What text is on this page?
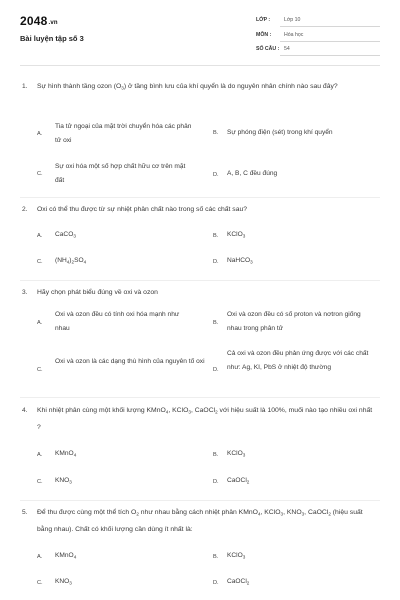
2048.vn
Bài luyện tập số 3
LỚP :	Lớp 10
MÔN : Hóa học
SỐ CÂU : 54
1. Sự hình thành tầng ozon $(O_3)$ ở tầng bình lưu của khí quyển là do nguyên nhân chính nào sau đây?
A.
Tia tử ngoại của mặt trời chuyển hóa các phân tử oxi
B. Sự phóng điện (sét) trong khí quyển
C.
Sự oxi hóa một số hợp chất hữu cơ trên mặt đất
D. A, B, C đều đúng
2. Oxi có thể thu được từ sự nhiệt phân chất nào trong số các chất sau?
A. CaCO$_3$	B. KClO$_3$
C. $(NH_4)_2SO_4$	D. NaHCO$_3$
3. Hãy chọn phát biểu đúng về oxi và ozon
A.
Oxi và ozon đều có tính oxi hóa mạnh như nhau
B.
Oxi và ozon đều có số proton và nơtron giống nhau trong phân tử
C.
Oxi và ozon là các dạng thù hình của nguyên tố oxi
D.
Cả oxi và ozon đều phản ứng được với các chất như: Ag, KI, PbS ở nhiệt độ thường
4. Khi nhiệt phân cùng một khối lượng KMnO$_4$, KClO$_3$, CaOCl$_2$ với hiệu suất là 100%, muối nào tạo nhiều oxi nhất ?
A. KMnO$_4$	B. KClO$_3$
C. $KNO_3$	D. CaOCl$_2$
5. Để thu được cùng một thể tích $O_2$ như nhau bằng cách nhiệt phân KMnO$_4$, KClO$_3$, $KNO_3$, CaOCl$_2$ (hiệu suất bằng nhau). Chất có khối lượng cần dùng ít nhất là:
A. KMnO$_4$	B. KClO$_3$
C. $KNO_3$	D. CaOCl$_2$
